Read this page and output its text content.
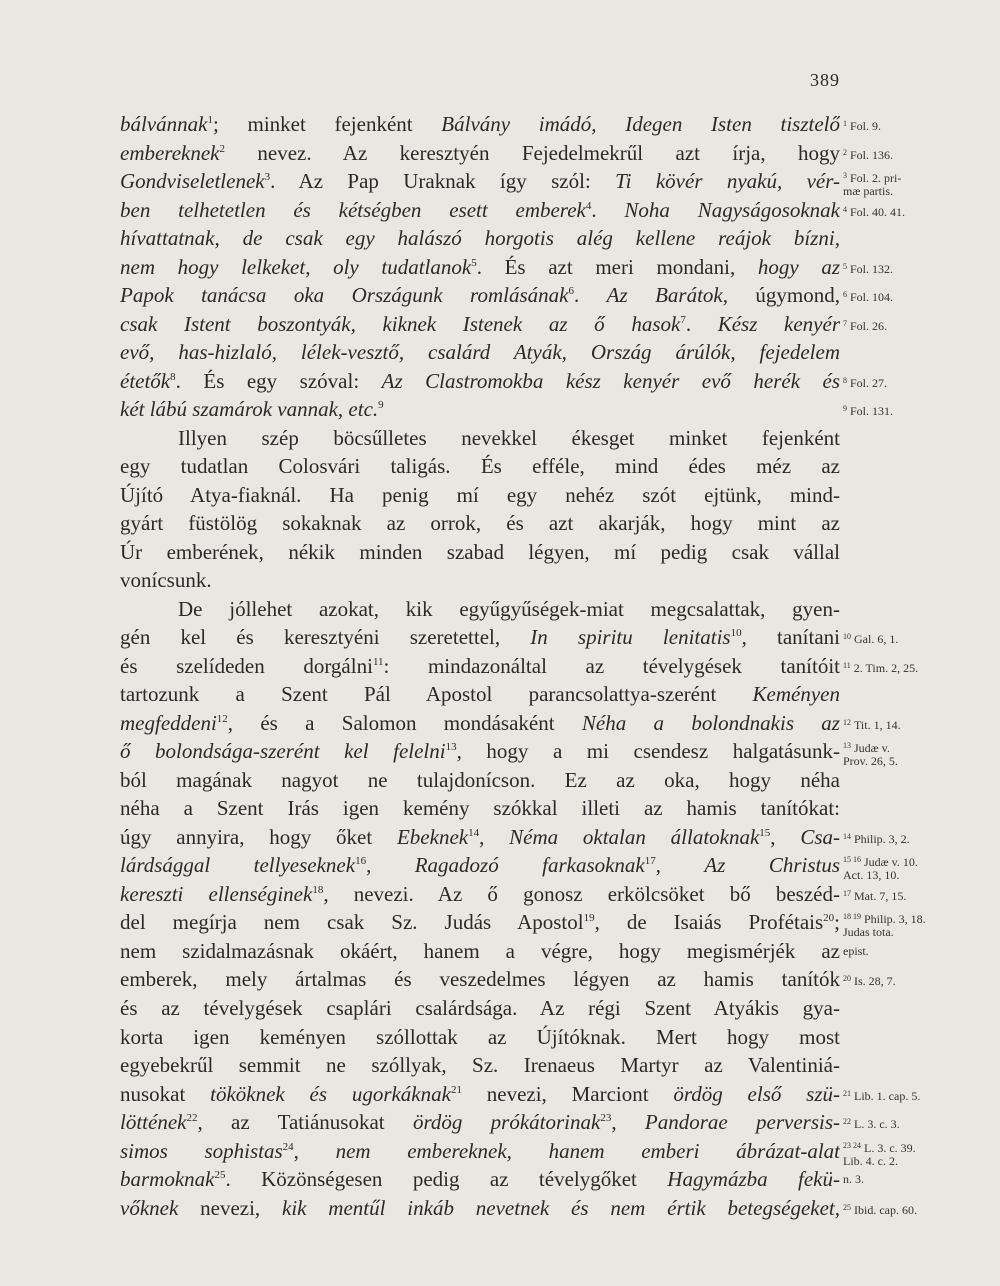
389
bálvánnak$^1$; minket fejenként Bálvány imádó, Idegen Isten tisztelő
embereknek$^2$ nevez. Az keresztyén Fejedelmekrűl azt írja, hogy
Gondviseletlenek$^3$. Az Pap Uraknak így szól: Ti kövér nyakú, vér-
ben telhetetlen és kétségben esett emberek$^4$. Noha Nagyságosoknak
hívattatnak, de csak egy halászó horgotis alég kellene reájok bízni,
nem hogy lelkeket, oly tudatlanok$^5$. És azt meri mondani, hogy az
Papok tanácsa oka Országunk romlásának$^6$. Az Barátok, úgymond,
csak Istent boszontyák, kiknek Istenek az ő hasok$^7$. Kész kenyér
evő, has-hizlaló, lélek-vesztő, csalárd Atyák, Ország árúlók, fejedelem
étetők$^8$. És egy szóval: Az Clastromokba kész kenyér evő herék és
két lábú szamárok vannak, etc.$^9$
Illyen szép böcsűlletes nevekkel ékesget minket fejenként
egy tudatlan Colosvári taligás. És efféle, mind édes méz az
Újító Atya-fiaknál. Ha penig mí egy nehéz szót ejtünk, mind-
gyárt füstölög sokaknak az orrok, és azt akarják, hogy mint az
Úr emberének, nékik minden szabad légyen, mí pedig csak vállal
vonícsunk.
De jóllehet azokat, kik egyűgyűségek-miat megcsalattak, gyen-
gén kel és keresztyéni szeretettel, In spiritu lenitatis$^{10}$, tanítani
és szelídeden dorgálni$^{11}$: mindazonáltal az tévelygések tanítóit
tartozunk a Szent Pál Apostol parancsolattya-szerént Keményen
megfeddeni$^{12}$, és a Salomon mondásaként Néha a bolondnakis az
ő bolondsága-szerént kel felelni$^{13}$, hogy a mi csendesz halgatásunk-
ból magának nagyot ne tulajdonícson. Ez az oka, hogy néha
néha a Szent Irás igen kemény szókkal illeti az hamis tanítókat:
úgy annyira, hogy őket Ebeknek$^{14}$, Néma oktalan állatoknak$^{15}$, Csa-
lárdsággal tellyeseknek$^{16}$, Ragadozó farkasoknak$^{17}$, Az Christus
kereszti ellenséginek$^{18}$, nevezi. Az ő gonosz erkölcsöket bő beszéd-
del megírja nem csak Sz. Judás Apostol$^{19}$, de Isaiás Profétais$^{20}$;
nem szidalmazásnak okáért, hanem a végre, hogy megismérjék az
emberek, mely ártalmas és veszedelmes légyen az hamis tanítók
és az tévelygések csaplári csalárdsága. Az régi Szent Atyákis gya-
korta igen keményen szóllottak az Újítóknak. Mert hogy most
egyebekrűl semmit ne szóllyak, Sz. Irenaeus Martyr az Valentiniá-
nusokat tököknek és ugorkáknak$^{21}$ nevezi, Marciont ördög első szü-
löttének$^{22}$, az Tatiánusokat ördög prókátorinak$^{23}$, Pandorae perversis-
simos sophistas$^{24}$, nem embereknek, hanem emberi ábrázat-alat
barmoknak$^{25}$. Közönségesen pedig az tévelygőket Hagymázba fekü-
vőknek nevezi, kik mentűl inkáb nevetnek és nem értik betegségeket,
$^1$ Fol. 9.
$^2$ Fol. 136.
$^3$ Fol. 2. pri-
mæ partis.
$^4$ Fol. 40. 41.
$^5$ Fol. 132.
$^6$ Fol. 104.
$^7$ Fol. 26.
$^8$ Fol. 27.
$^9$ Fol. 131.
$^{10}$ Gal. 6, 1.
$^{11}$ 2. Tim. 2, 25.
$^{12}$ Tit. 1, 14.
$^{13}$ Judæ v.
Prov. 26, 5.
$^{14}$ Philip. 3, 2.
$^{15 16}$ Judæ v. 10.
Act. 13, 10.
$^{17}$ Mat. 7, 15.
$^{18 19}$ Philip. 3, 18.
Judas tota.
epist.
$^{20}$ Is. 28, 7.
$^{21}$ Lib. 1. cap. 5.
$^{22}$ L. 3. c. 3.
$^{23 24}$ L. 3. c. 39.
Lib. 4. c. 2.
n. 3.
$^{25}$ Ibid. cap. 60.
